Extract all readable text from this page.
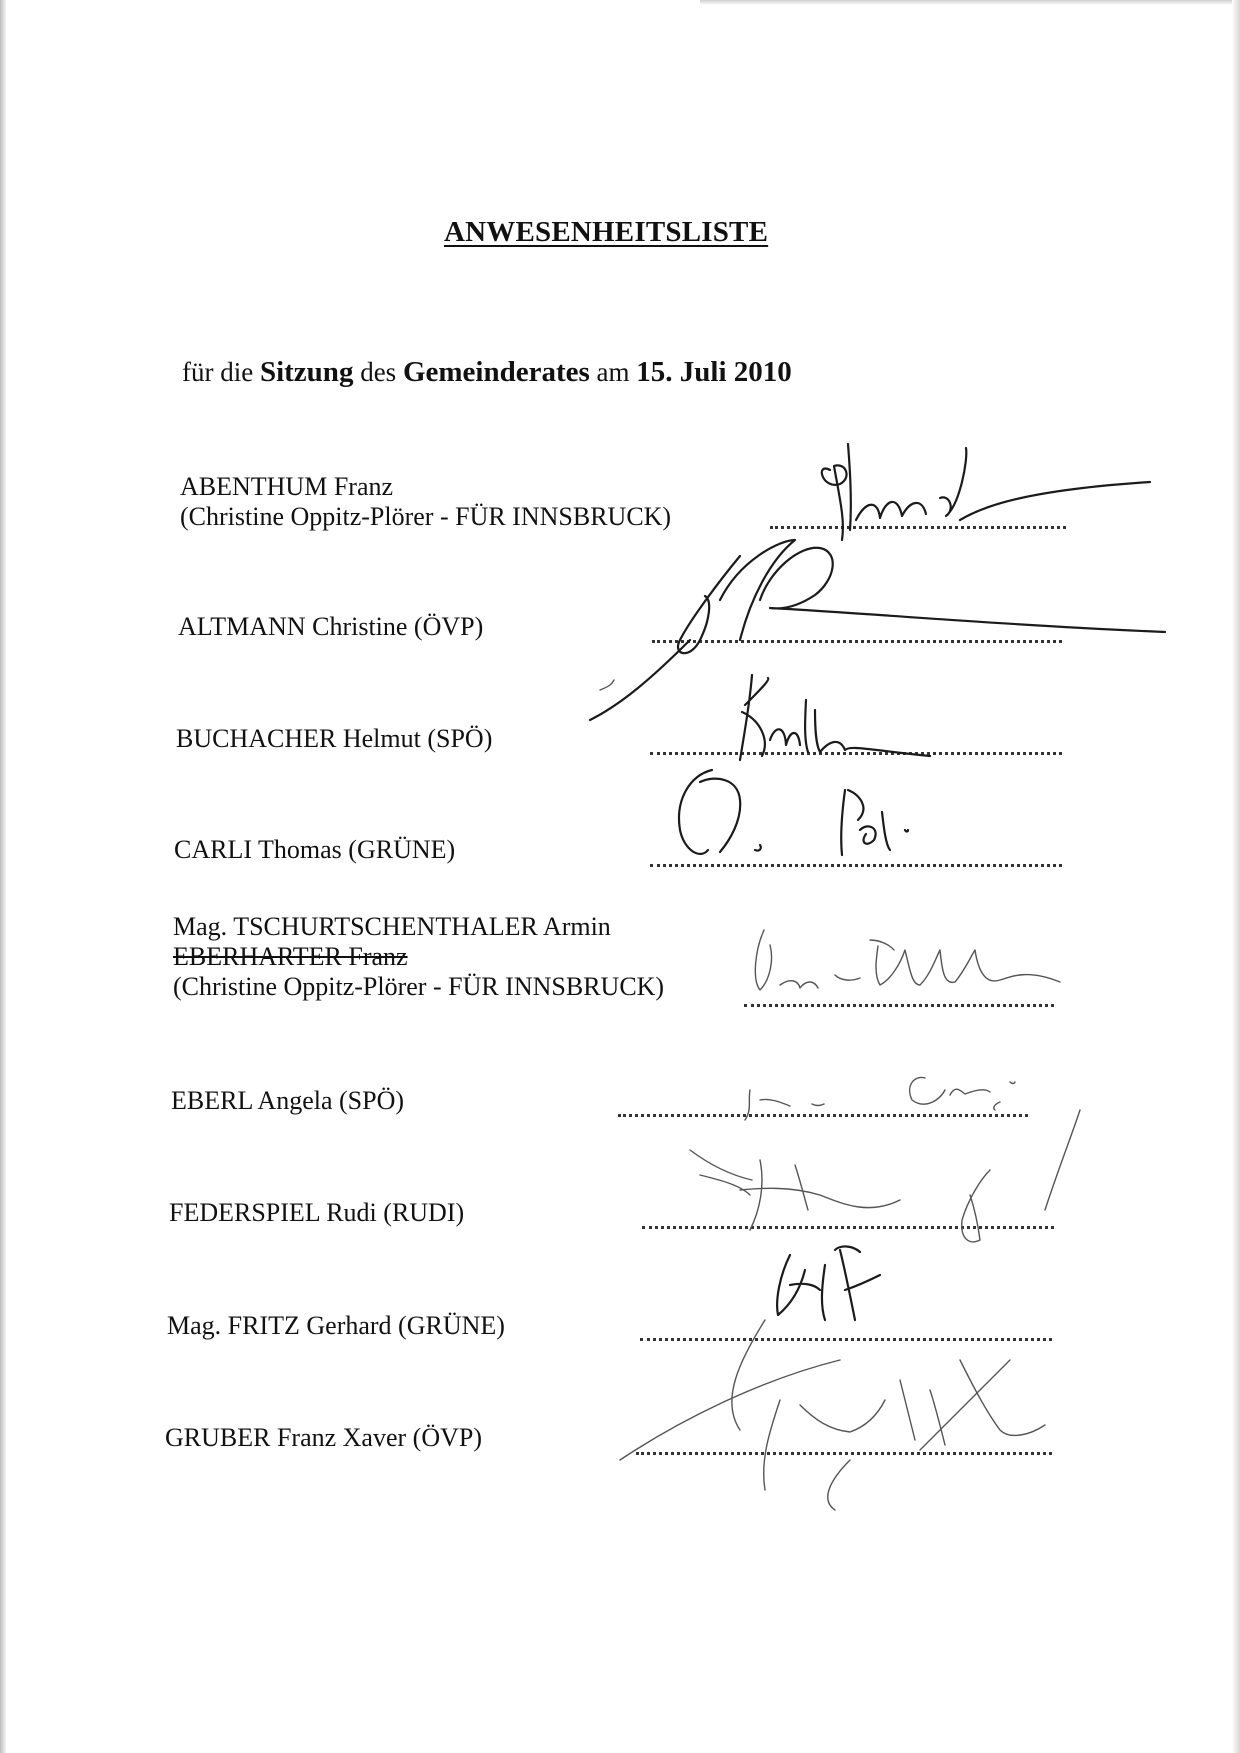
ANWESENHEITSLISTE
für die Sitzung des Gemeinderates am 15. Juli 2010
ABENTHUM Franz
(Christine Oppitz-Plörer - FÜR INNSBRUCK)
ALTMANN Christine (ÖVP)
BUCHACHER Helmut (SPÖ)
CARLI Thomas (GRÜNE)
Mag. TSCHURTSCHENTHALER Armin
EBERHARTER Franz
(Christine Oppitz-Plörer - FÜR INNSBRUCK)
EBERL Angela (SPÖ)
FEDERSPIEL Rudi (RUDI)
Mag. FRITZ Gerhard (GRÜNE)
GRUBER Franz Xaver (ÖVP)
